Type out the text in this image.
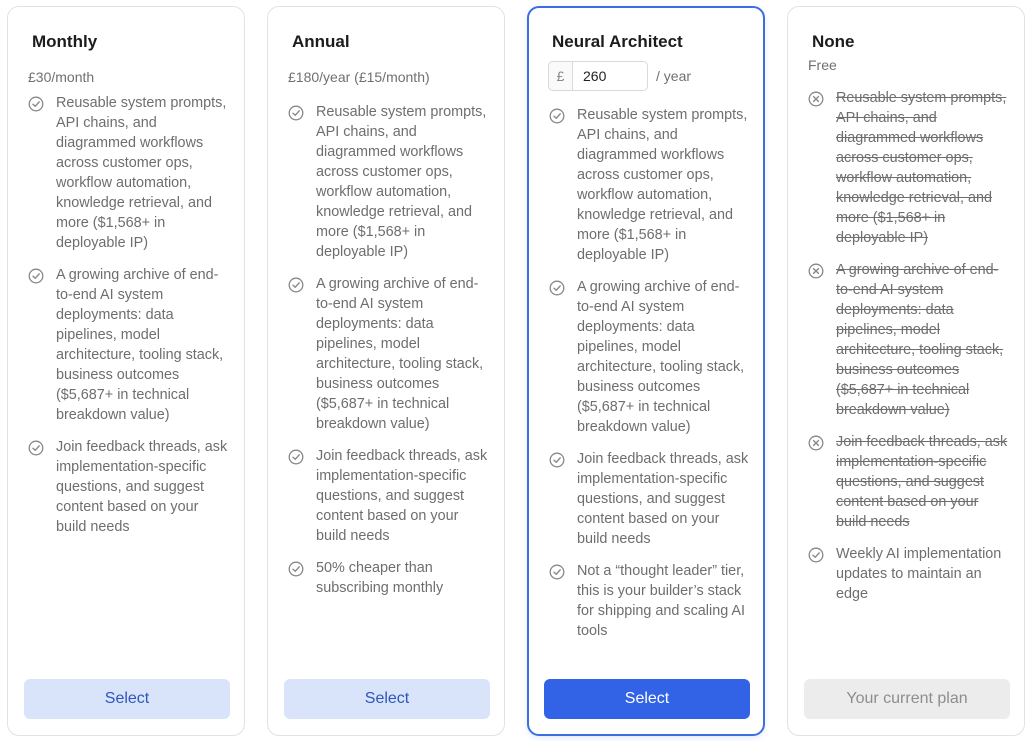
Monthly
£30/month
Reusable system prompts, API chains, and diagrammed workflows across customer ops, workflow automation, knowledge retrieval, and more ($1,568+ in deployable IP)
A growing archive of end-to-end AI system deployments: data pipelines, model architecture, tooling stack, business outcomes ($5,687+ in technical breakdown value)
Join feedback threads, ask implementation-specific questions, and suggest content based on your build needs
Select
Annual
£180/year (£15/month)
Reusable system prompts, API chains, and diagrammed workflows across customer ops, workflow automation, knowledge retrieval, and more ($1,568+ in deployable IP)
A growing archive of end-to-end AI system deployments: data pipelines, model architecture, tooling stack, business outcomes ($5,687+ in technical breakdown value)
Join feedback threads, ask implementation-specific questions, and suggest content based on your build needs
50% cheaper than subscribing monthly
Select
Neural Architect
£
260	/ year
Reusable system prompts, API chains, and diagrammed workflows across customer ops, workflow automation, knowledge retrieval, and more ($1,568+ in deployable IP)
A growing archive of end-to-end AI system deployments: data pipelines, model architecture, tooling stack, business outcomes ($5,687+ in technical breakdown value)
Join feedback threads, ask implementation-specific questions, and suggest content based on your build needs
Not a “thought leader” tier, this is your builder’s stack for shipping and scaling AI tools
Select
None
Free
Reusable system prompts, API chains, and diagrammed workflows across customer ops, workflow automation, knowledge retrieval, and more ($1,568+ in deployable IP)
A growing archive of end-to-end AI system deployments: data pipelines, model architecture, tooling stack, business outcomes ($5,687+ in technical breakdown value)
Join feedback threads, ask implementation-specific questions, and suggest content based on your build needs
Weekly AI implementation updates to maintain an edge
Your current plan
